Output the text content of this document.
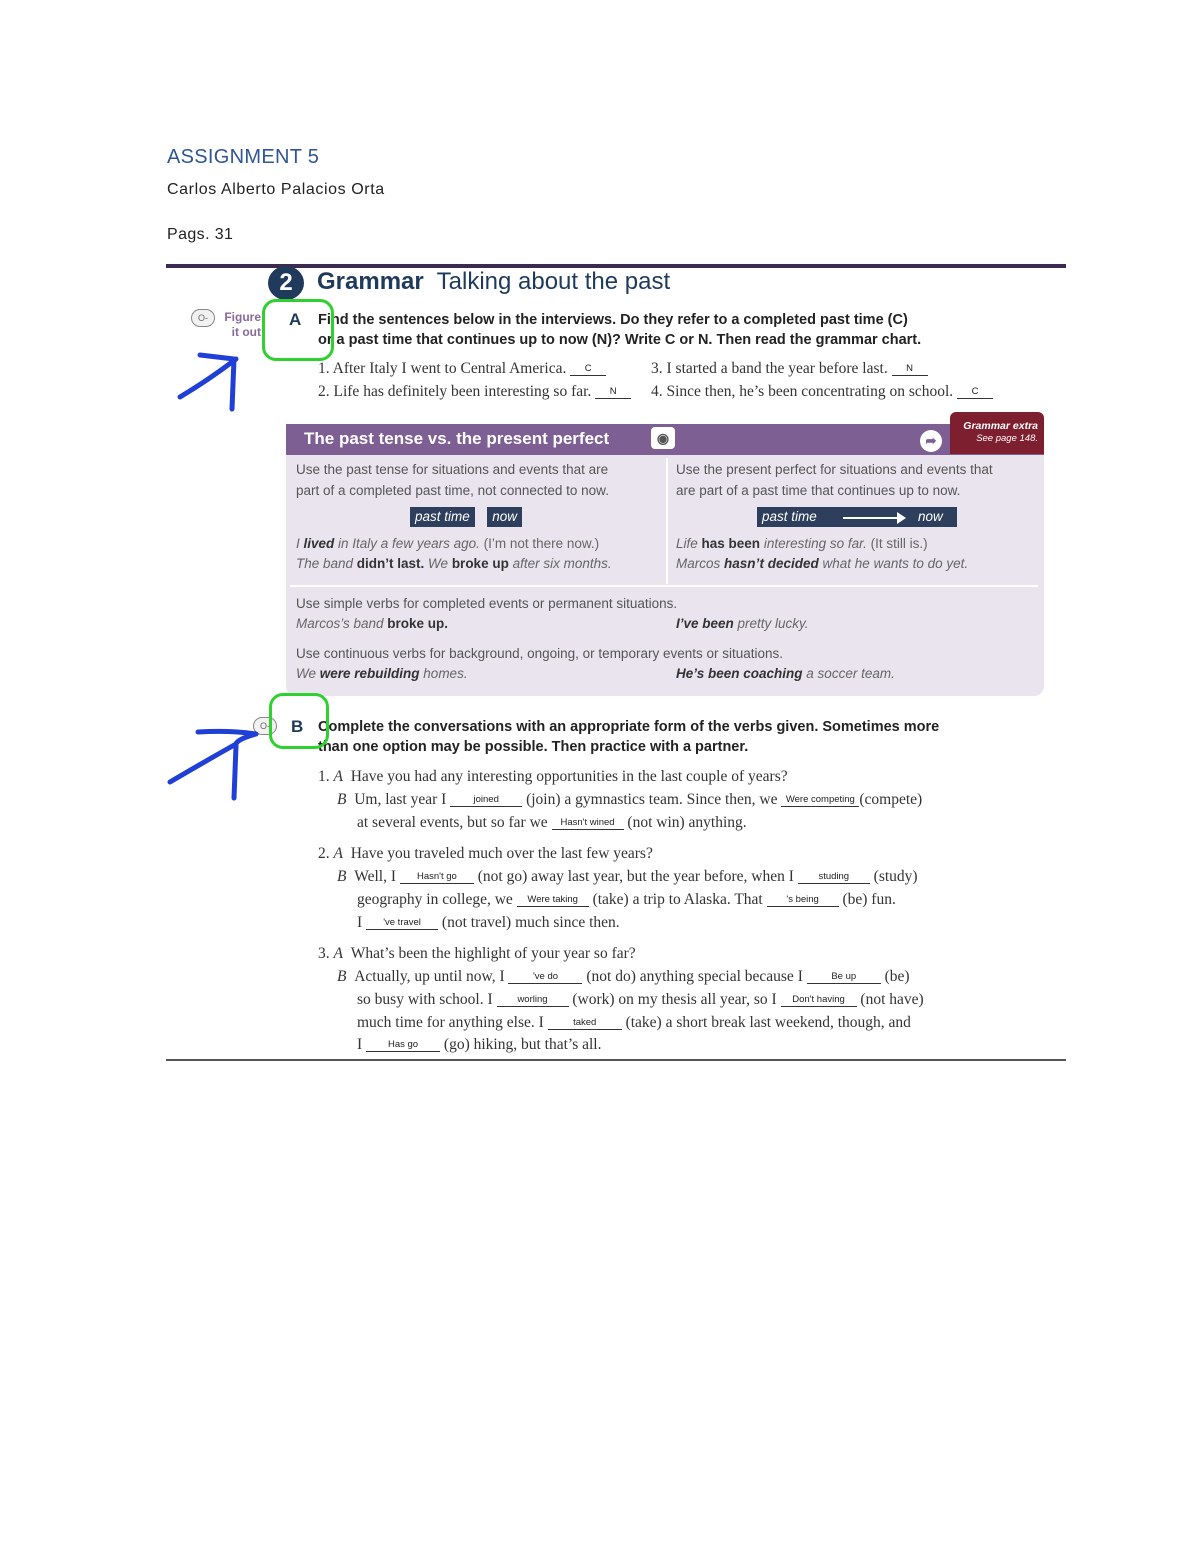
ASSIGNMENT 5
Carlos Alberto Palacios Orta
Pags. 31
2	Grammar Talking about the past
O‑	Figure
it out
A Find the sentences below in the interviews. Do they refer to a completed past time (C)
or a past time that continues up to now (N)? Write C or N. Then read the grammar chart.
1. After Italy I went to Central America. C
2. Life has definitely been interesting so far. N
3. I started a band the year before last. N
4. Since then, he’s been concentrating on school. C
The past tense vs. the present perfect	◉	➦
Grammar extra
See page 148.
Use the past tense for situations and events that are
part of a completed past time, not connected to now.
past time now
I lived in Italy a few years ago. (I’m not there now.)
The band didn’t last. We broke up after six months.
Use the present perfect for situations and events that
are part of a past time that continues up to now.
past time	now
Life has been interesting so far. (It still is.)
Marcos hasn’t decided what he wants to do yet.
Use simple verbs for completed events or permanent situations.
Marcos’s band broke up.	I’ve been pretty lucky.
Use continuous verbs for background, ongoing, or temporary events or situations.
We were rebuilding homes.	He’s been coaching a soccer team.
O‑	B Complete the conversations with an appropriate form of the verbs given. Sometimes more
than one option may be possible. Then practice with a partner.
1. A Have you had any interesting opportunities in the last couple of years?
B Um, last year I joined (join) a gymnastics team. Since then, we Were competing (compete)
at several events, but so far we Hasn't wined (not win) anything.
2. A Have you traveled much over the last few years?
B Well, I Hasn't go (not go) away last year, but the year before, when I studing (study)
geography in college, we Were taking (take) a trip to Alaska. That 's being (be) fun.
I 've travel (not travel) much since then.
3. A What’s been the highlight of your year so far?
B Actually, up until now, I	've do (not do) anything special because I	Be up (be)
so busy with school. I worling (work) on my thesis all year, so I Don't having (not have)
much time for anything else. I	taked (take) a short break last weekend, though, and
I Has go (go) hiking, but that’s all.
